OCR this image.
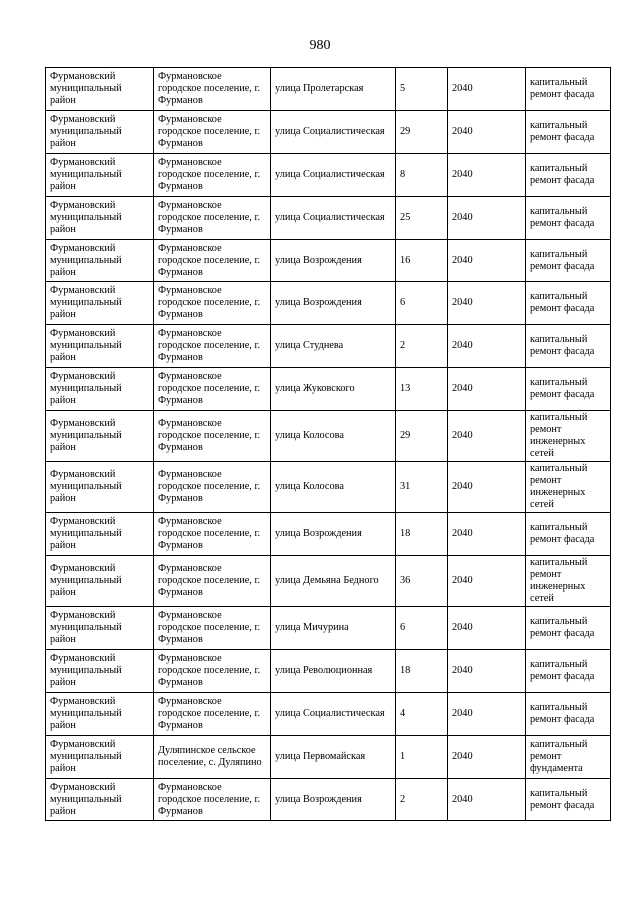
980
Фурмановский муниципальный район	Фурмановское городское поселение, г. Фурманов	улица Пролетарская	5	2040	капитальный ремонт фасада
Фурмановский муниципальный район	Фурмановское городское поселение, г. Фурманов	улица Социалистическая	29	2040	капитальный ремонт фасада
Фурмановский муниципальный район	Фурмановское городское поселение, г. Фурманов	улица Социалистическая	8	2040	капитальный ремонт фасада
Фурмановский муниципальный район	Фурмановское городское поселение, г. Фурманов	улица Социалистическая	25	2040	капитальный ремонт фасада
Фурмановский муниципальный район	Фурмановское городское поселение, г. Фурманов	улица Возрождения	16	2040	капитальный ремонт фасада
Фурмановский муниципальный район	Фурмановское городское поселение, г. Фурманов	улица Возрождения	6	2040	капитальный ремонт фасада
Фурмановский муниципальный район	Фурмановское городское поселение, г. Фурманов	улица Студнева	2	2040	капитальный ремонт фасада
Фурмановский муниципальный район	Фурмановское городское поселение, г. Фурманов	улица Жуковского	13	2040	капитальный ремонт фасада
Фурмановский муниципальный район	Фурмановское городское поселение, г. Фурманов	улица Колосова	29	2040	капитальный ремонт инженерных сетей
Фурмановский муниципальный район	Фурмановское городское поселение, г. Фурманов	улица Колосова	31	2040	капитальный ремонт инженерных сетей
Фурмановский муниципальный район	Фурмановское городское поселение, г. Фурманов	улица Возрождения	18	2040	капитальный ремонт фасада
Фурмановский муниципальный район	Фурмановское городское поселение, г. Фурманов	улица Демьяна Бедного	36	2040	капитальный ремонт инженерных сетей
Фурмановский муниципальный район	Фурмановское городское поселение, г. Фурманов	улица Мичурина	6	2040	капитальный ремонт фасада
Фурмановский муниципальный район	Фурмановское городское поселение, г. Фурманов	улица Революционная	18	2040	капитальный ремонт фасада
Фурмановский муниципальный район	Фурмановское городское поселение, г. Фурманов	улица Социалистическая	4	2040	капитальный ремонт фасада
Фурмановский муниципальный район	Дуляпинское сельское поселение, с. Дуляпино	улица Первомайская	1	2040	капитальный ремонт фундамента
Фурмановский муниципальный район	Фурмановское городское поселение, г. Фурманов	улица Возрождения	2	2040	капитальный ремонт фасада
